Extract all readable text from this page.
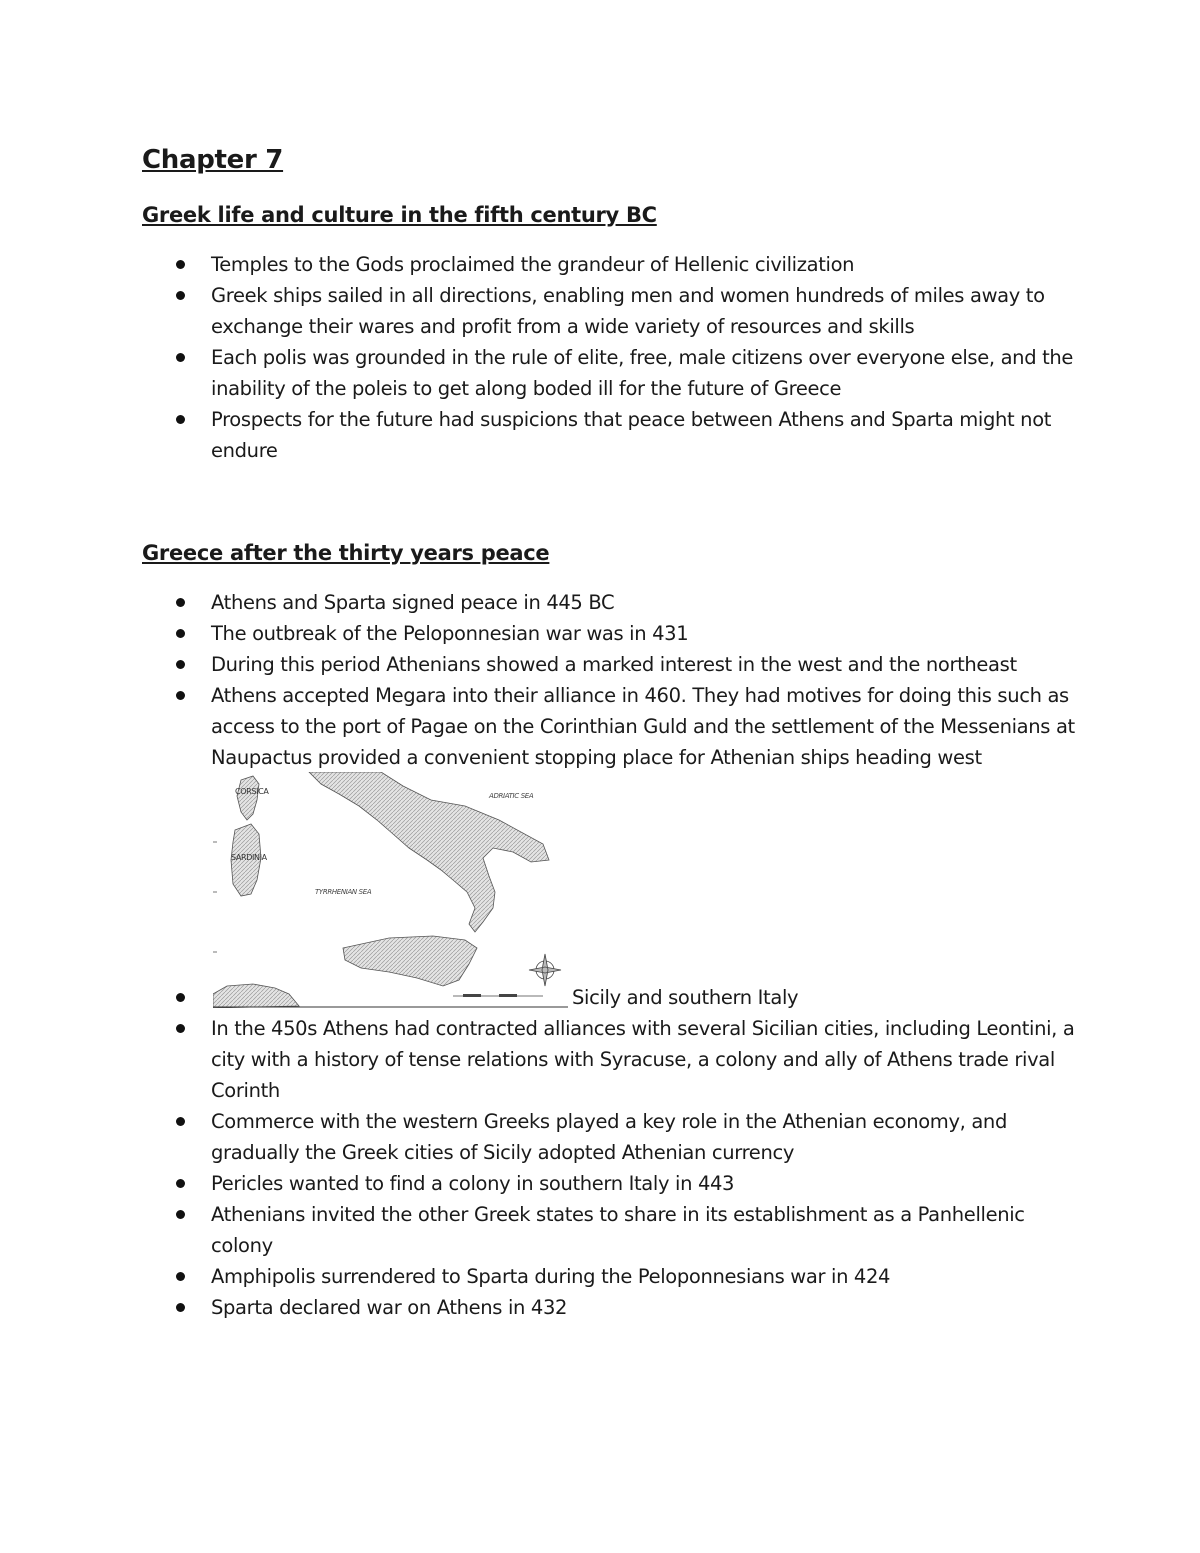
Chapter 7
Greek life and culture in the fifth century BC
Temples to the Gods proclaimed the grandeur of Hellenic civilization
Greek ships sailed in all directions, enabling men and women hundreds of miles away to exchange their wares and profit from a wide variety of resources and skills
Each polis was grounded in the rule of elite, free, male citizens over everyone else, and the inability of the poleis to get along boded ill for the future of Greece
Prospects for the future had suspicions that peace between Athens and Sparta might not endure
Greece after the thirty years peace
Athens and Sparta signed peace in 445 BC
The outbreak of the Peloponnesian war was in 431
During this period Athenians showed a marked interest in the west and the northeast
Athens accepted Megara into their alliance in 460. They had motives for doing this such as access to the port of Pagae on the Corinthian Guld and the settlement of the Messenians at Naupactus provided a convenient stopping place for Athenian ships heading west
CORSICA
SARDINIA
TYRRHENIAN SEA
ADRIATIC SEA
Sicily and southern Italy
In the 450s Athens had contracted alliances with several Sicilian cities, including Leontini, a city with a history of tense relations with Syracuse, a colony and ally of Athens trade rival Corinth
Commerce with the western Greeks played a key role in the Athenian economy, and gradually the Greek cities of Sicily adopted Athenian currency
Pericles wanted to find a colony in southern Italy in 443
Athenians invited the other Greek states to share in its establishment as a Panhellenic colony
Amphipolis surrendered to Sparta during the Peloponnesians war in 424
Sparta declared war on Athens in 432
